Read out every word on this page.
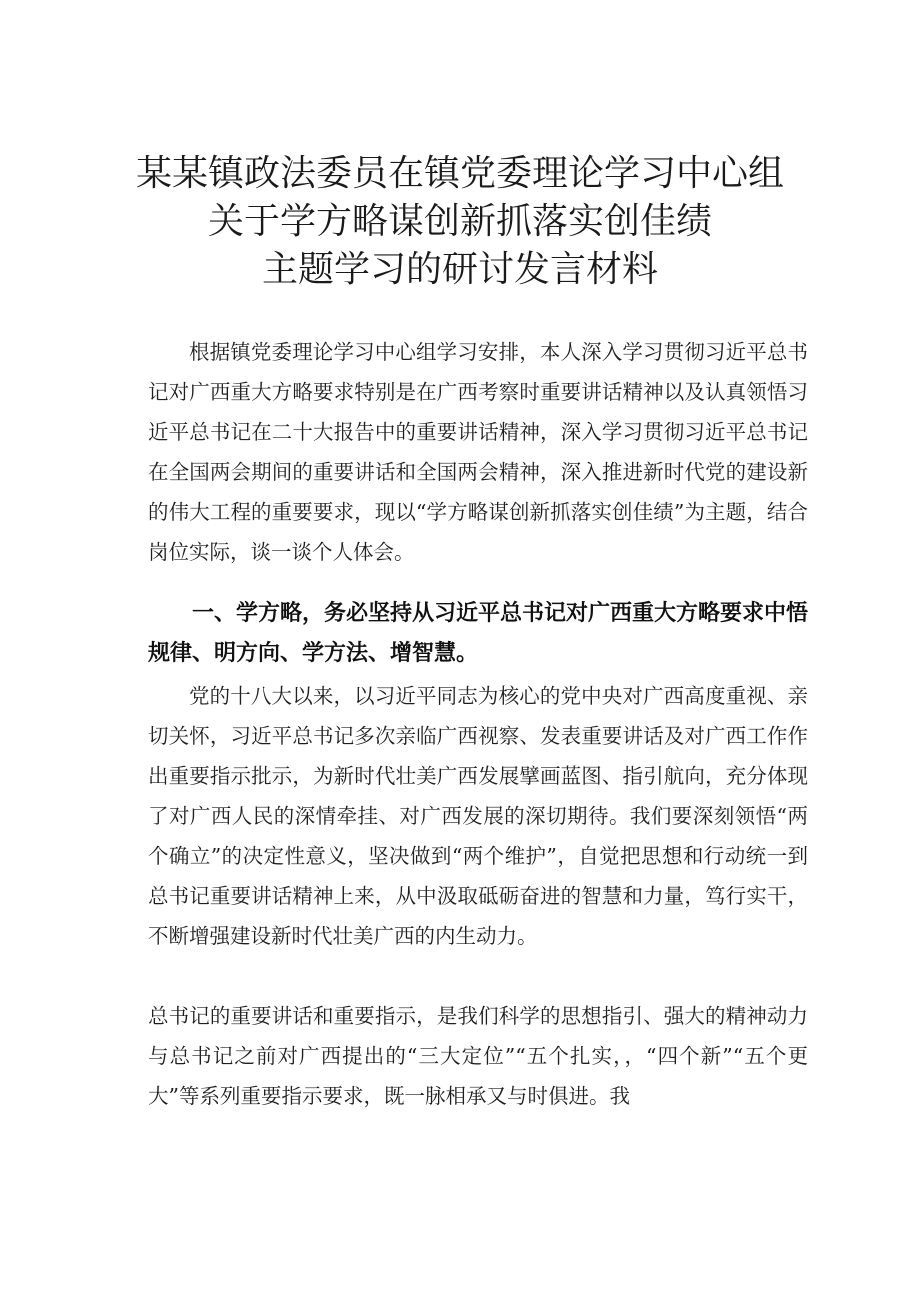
某某镇政法委员在镇党委理论学习中心组
关于学方略谋创新抓落实创佳绩
主题学习的研讨发言材料

根据镇党委理论学习中心组学习安排，本人深入学习贯彻习近平总书记对广西重大方略要求特别是在广西考察时重要讲话精神以及认真领悟习近平总书记在二十大报告中的重要讲话精神，深入学习贯彻习近平总书记在全国两会期间的重要讲话和全国两会精神，深入推进新时代党的建设新的伟大工程的重要要求，现以“学方略谋创新抓落实创佳绩”为主题，结合岗位实际，谈一谈个人体会。

一、学方略，务必坚持从习近平总书记对广西重大方略要求中悟规律、明方向、学方法、增智慧。

党的十八大以来，以习近平同志为核心的党中央对广西高度重视、亲切关怀，习近平总书记多次亲临广西视察、发表重要讲话及对广西工作作出重要指示批示，为新时代壮美广西发展擘画蓝图、指引航向，充分体现了对广西人民的深情牵挂、对广西发展的深切期待。我们要深刻领悟“两个确立”的决定性意义，坚决做到“两个维护”，自觉把思想和行动统一到总书记重要讲话精神上来，从中汲取砥砺奋进的智慧和力量，笃行实干，不断增强建设新时代壮美广西的内生动力。

总书记的重要讲话和重要指示，是我们科学的思想指引、强大的精神动力与总书记之前对广西提出的“三大定位”“五个扎实，，“四个新”“五个更大”等系列重要指示要求，既一脉相承又与时俱进。我
